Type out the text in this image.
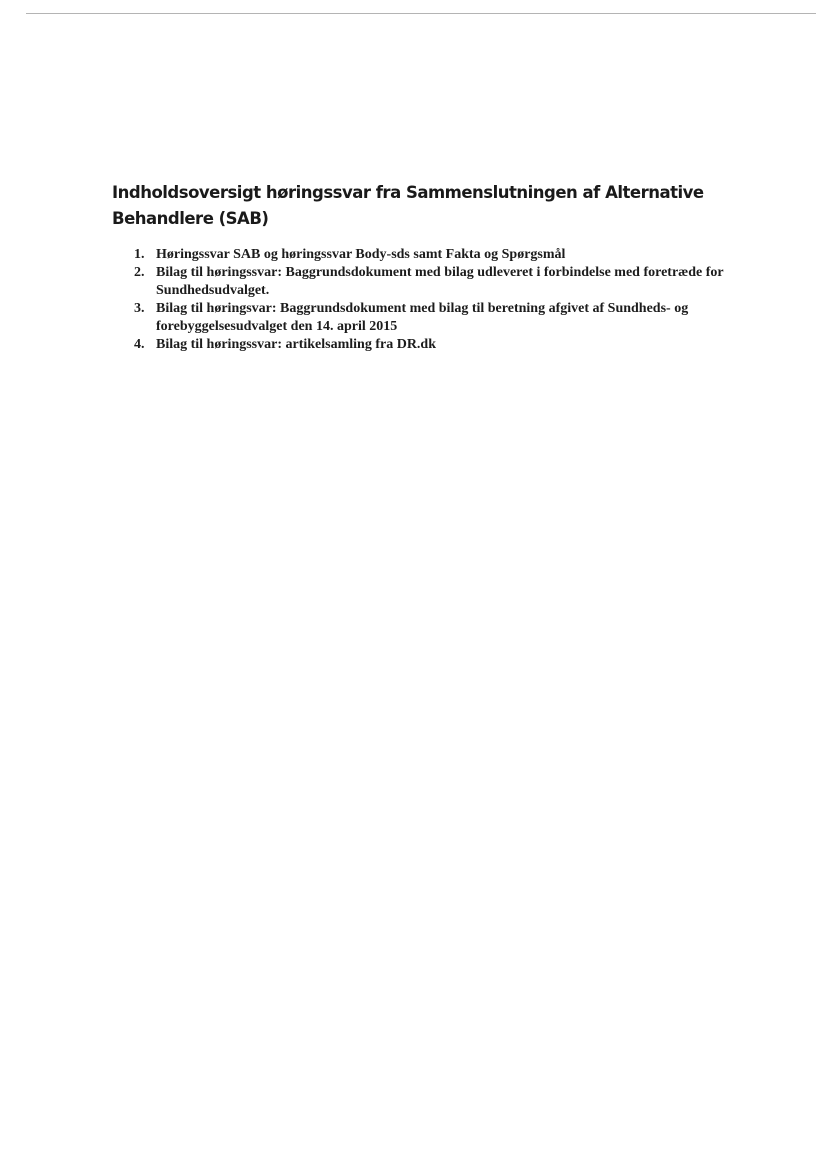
Indholdsoversigt høringssvar fra Sammenslutningen af Alternative Behandlere (SAB)
1. Høringssvar SAB og høringssvar Body-sds samt Fakta og Spørgsmål
2. Bilag til høringssvar: Baggrundsdokument med bilag udleveret i forbindelse med foretræde for Sundhedsudvalget.
3. Bilag til høringsvar: Baggrundsdokument med bilag til beretning afgivet af Sundheds- og forebyggelsesudvalget den 14. april 2015
4. Bilag til høringssvar: artikelsamling fra DR.dk
